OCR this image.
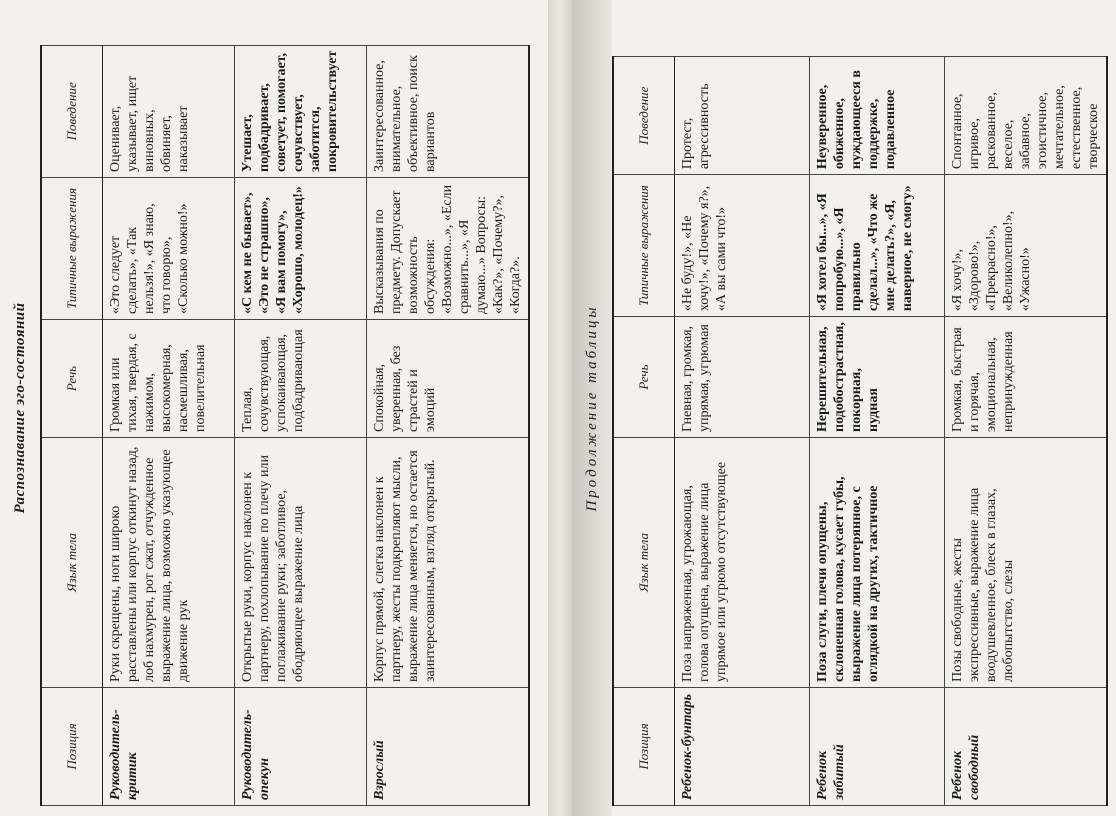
Распознавание эго-состояний
Позиция	Язык тела	Речь	Типичные выражения	Поведение
Руководитель-критик	Руки скрещены, ноги широко расставлены или корпус откинут назад, лоб нахмурен, рот сжат, отчужденное выражение лица, возможно указующее движение рук	Громкая или тихая, твердая, с нажимом, высокомерная, насмешливая, повелительная	«Это следует сделать», «Так нельзя!», «Я знаю, что говорю», «Сколько можно!»	Оценивает, указывает, ищет виновных, обвиняет, наказывает
Руководитель-опекун	Открытые руки, корпус наклонен к партнеру, похлопывание по плечу или поглаживание руки; заботливое, ободряющее выражение лица	Теплая, сочувствующая, успокаивающая, подбадривающая	«С кем не бывает», «Это не страшно», «Я вам помогу», «Хорошо, молодец!»	Утешает, подбадривает, советует, помогает, сочувствует, заботится, покровительствует
Взрослый	Корпус прямой, слегка наклонен к партнеру, жесты подкрепляют мысли, выражение лица меняется, но остается заинтересованным, взгляд открытый.	Спокойная, уверенная, без страстей и эмоций	Высказывания по предмету. Допускает возможность обсуждения: «Возможно...», «Если сравнить...», «Я думаю...» Вопросы: «Как?», «Почему?», «Когда?».	Заинтересованное, внимательное, объективное, поиск вариантов
Продолжение таблицы
Позиция	Язык тела	Речь	Типичные выражения	Поведение
Ребенок-бунтарь	Поза напряженная, угрожающая, голова опущена, выражение лица упрямое или угрюмо отсутствующее	Гневная, громкая, упрямая, угрюмая	«Не буду!», «Не хочу!», «Почему я?», «А вы сами что!»	Протест, агрессивность
Ребенок забитый	Поза слуги, плечи опущены, склоненная голова, кусает губы, выражение лица потерянное, с оглядкой на других, тактичное	Нерешительная, подобострастная, покорная, нудная	«Я хотел бы...», «Я попробую...», «Я правильно сделал...», «Что же мне делать?», «Я, наверное, не смогу»	Неуверенное, обиженное, нуждающееся в поддержке, подавленное
Ребенок свободный	Позы свободные, жесты экспрессивные, выражение лица воодушевленное, блеск в глазах, любопытство, слезы	Громкая, быстрая и горячая, эмоциональная, непринужденная	«Я хочу!», «Здорово!», «Прекрасно!», «Великолепно!», «Ужасно!»	Спонтанное, игривое, раскованное, веселое, забавное, эгоистичное, мечтательное, естественное, творческое
